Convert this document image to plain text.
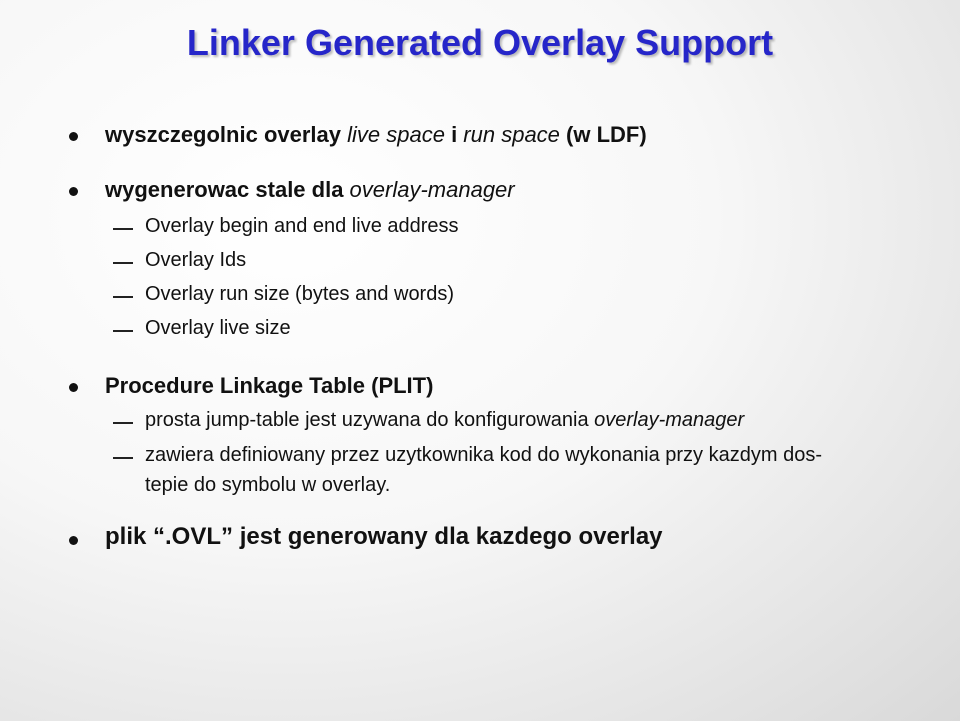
Linker Generated Overlay Support
wyszczegolnic overlay live space i run space (w LDF)
wygenerowac stale dla overlay-manager
Overlay begin and end live address
Overlay Ids
Overlay run size (bytes and words)
Overlay live size
Procedure Linkage Table (PLIT)
prosta jump-table jest uzywana do konfigurowania overlay-manager
zawiera definiowany przez uzytkownika kod do wykonania przy kazdym dos-
tepie do symbolu w overlay.
plik “.OVL” jest generowany dla kazdego overlay
